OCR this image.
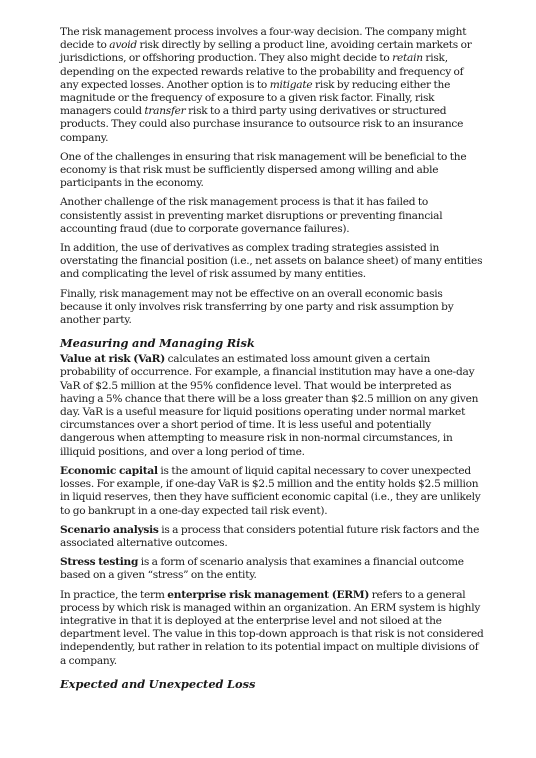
The risk management process involves a four-way decision. The company might decide to avoid risk directly by selling a product line, avoiding certain markets or jurisdictions, or offshoring production. They also might decide to retain risk, depending on the expected rewards relative to the probability and frequency of any expected losses. Another option is to mitigate risk by reducing either the magnitude or the frequency of exposure to a given risk factor. Finally, risk managers could transfer risk to a third party using derivatives or structured products. They could also purchase insurance to outsource risk to an insurance company.

One of the challenges in ensuring that risk management will be beneficial to the economy is that risk must be sufficiently dispersed among willing and able participants in the economy.

Another challenge of the risk management process is that it has failed to consistently assist in preventing market disruptions or preventing financial accounting fraud (due to corporate governance failures).

In addition, the use of derivatives as complex trading strategies assisted in overstating the financial position (i.e., net assets on balance sheet) of many entities and complicating the level of risk assumed by many entities.

Finally, risk management may not be effective on an overall economic basis because it only involves risk transferring by one party and risk assumption by another party.

Measuring and Managing Risk

Value at risk (VaR) calculates an estimated loss amount given a certain probability of occurrence. For example, a financial institution may have a one-day VaR of $2.5 million at the 95% confidence level. That would be interpreted as having a 5% chance that there will be a loss greater than $2.5 million on any given day. VaR is a useful measure for liquid positions operating under normal market circumstances over a short period of time. It is less useful and potentially dangerous when attempting to measure risk in non-normal circumstances, in illiquid positions, and over a long period of time.

Economic capital is the amount of liquid capital necessary to cover unexpected losses. For example, if one-day VaR is $2.5 million and the entity holds $2.5 million in liquid reserves, then they have sufficient economic capital (i.e., they are unlikely to go bankrupt in a one-day expected tail risk event).

Scenario analysis is a process that considers potential future risk factors and the associated alternative outcomes.

Stress testing is a form of scenario analysis that examines a financial outcome based on a given “stress” on the entity.

In practice, the term enterprise risk management (ERM) refers to a general process by which risk is managed within an organization. An ERM system is highly integrative in that it is deployed at the enterprise level and not siloed at the department level. The value in this top-down approach is that risk is not considered independently, but rather in relation to its potential impact on multiple divisions of a company.

Expected and Unexpected Loss
